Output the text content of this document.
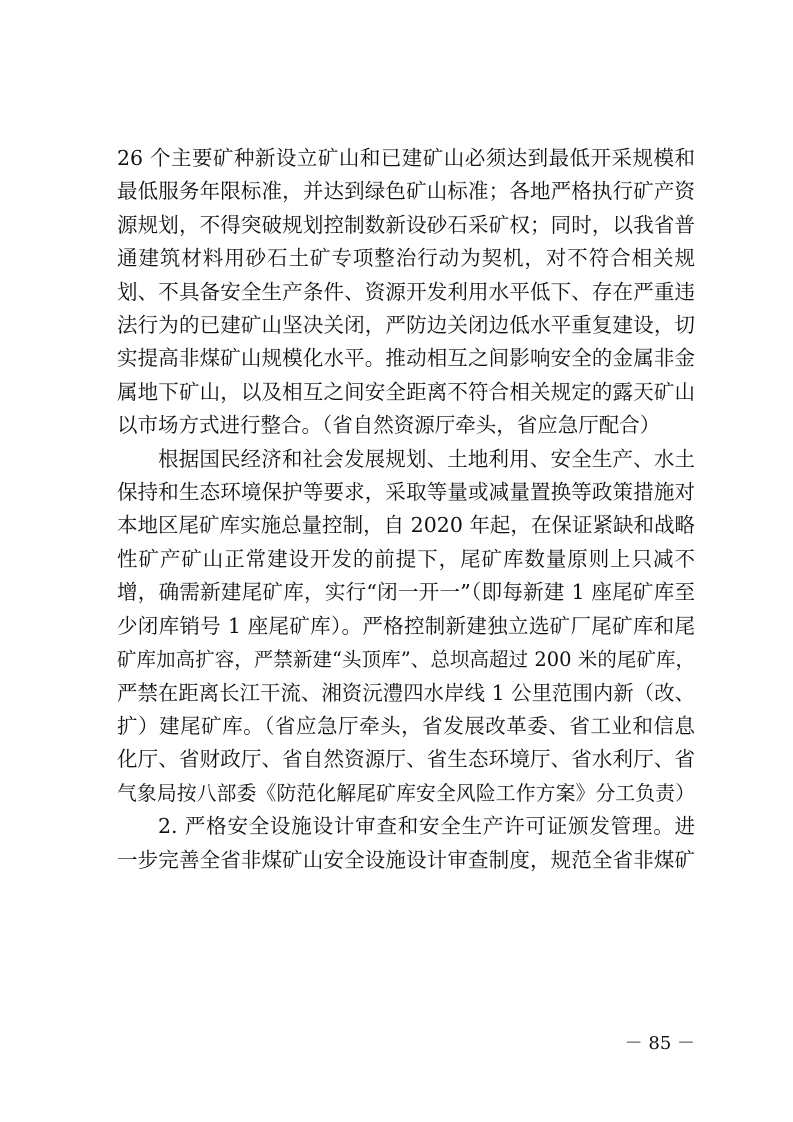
26 个主要矿种新设立矿山和已建矿山必须达到最低开采规模和
最低服务年限标准，并达到绿色矿山标准；各地严格执行矿产资
源规划，不得突破规划控制数新设砂石采矿权；同时，以我省普
通建筑材料用砂石土矿专项整治行动为契机，对不符合相关规
划、不具备安全生产条件、资源开发利用水平低下、存在严重违
法行为的已建矿山坚决关闭，严防边关闭边低水平重复建设，切
实提高非煤矿山规模化水平。推动相互之间影响安全的金属非金
属地下矿山，以及相互之间安全距离不符合相关规定的露天矿山
以市场方式进行整合。（省自然资源厅牵头，省应急厅配合）

根据国民经济和社会发展规划、土地利用、安全生产、水土
保持和生态环境保护等要求，采取等量或减量置换等政策措施对
本地区尾矿库实施总量控制，自 2020 年起，在保证紧缺和战略
性矿产矿山正常建设开发的前提下，尾矿库数量原则上只减不
增，确需新建尾矿库，实行“闭一开一”（即每新建 1 座尾矿库至
少闭库销号 1 座尾矿库）。严格控制新建独立选矿厂尾矿库和尾
矿库加高扩容，严禁新建“头顶库”、总坝高超过 200 米的尾矿库，
严禁在距离长江干流、湘资沅澧四水岸线 1 公里范围内新（改、
扩）建尾矿库。（省应急厅牵头，省发展改革委、省工业和信息
化厅、省财政厅、省自然资源厅、省生态环境厅、省水利厅、省
气象局按八部委《防范化解尾矿库安全风险工作方案》分工负责）

2. 严格安全设施设计审查和安全生产许可证颁发管理。进
一步完善全省非煤矿山安全设施设计审查制度，规范全省非煤矿

－ 85 －
